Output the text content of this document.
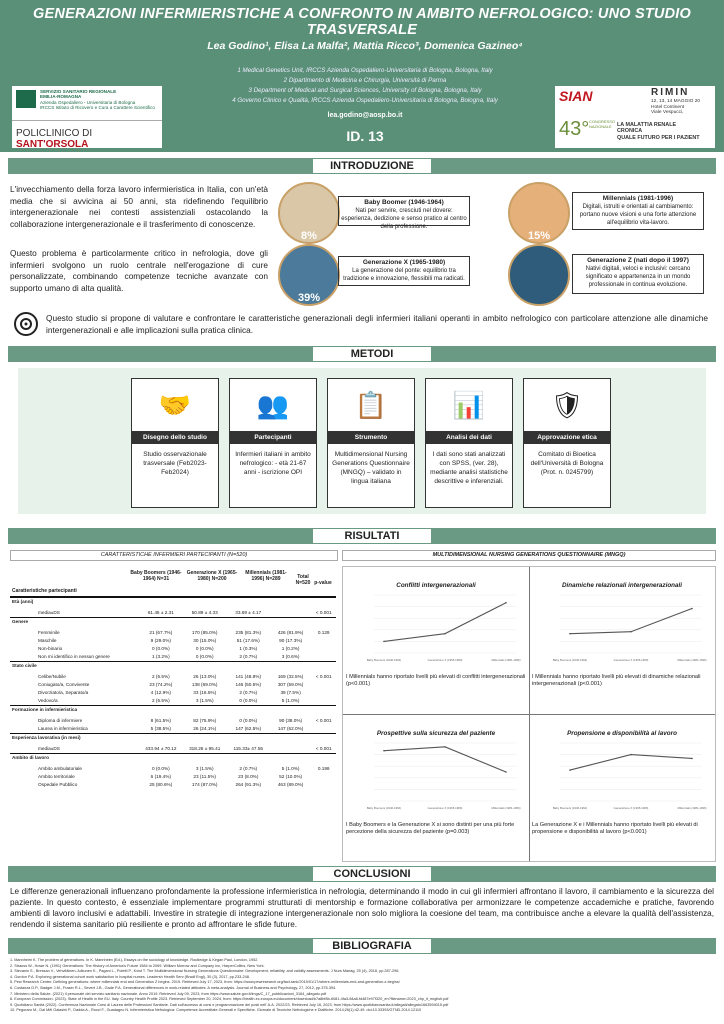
GENERAZIONI INFERMIERISTICHE A CONFRONTO IN AMBITO NEFROLOGICO: UNO STUDIO TRASVERSALE
Lea Godino¹, Elisa La Malfa², Mattia Ricco³, Domenica Gazineo⁴
1 Medical Genetics Unit, IRCCS Azienda Ospedaliero-Universitaria di Bologna, Bologna, Italy
2 Dipartimento di Medicina e Chirurgia, Università di Parma
3 Department of Medical and Surgical Sciences, University of Bologna, Bologna, Italy
4 Governo Clinico e Qualità, IRCCS Azienda Ospedaliero-Universitaria di Bologna, Bologna, Italy
lea.godino@aosp.bo.it
ID. 13
SERVIZIO SANITARIO REGIONALE
EMILIA-ROMAGNA
Azienda Ospedaliero - Universitaria di Bologna
IRCCS Istituto di Ricovero e Cura a Carattere Scientifico
POLICLINICO DI SANT'ORSOLA
SIAN	RIMIN
12, 13, 14 MAGGIO 20
Hotel Continent
Viale Vespucci,
43° CONGRESSO NAZIONALE LA MALATTIA RENALE
CRONICA
QUALE FUTURO PER I PAZIENT
INTRODUZIONE
L'invecchiamento della forza lavoro infermieristica in Italia, con un'età media che si avvicina ai 50 anni, sta ridefinendo l'equilibrio intergenerazionale nei contesti assistenziali ostacolando la collaborazione intergenerazionale e il trasferimento di conoscenze.
Questo problema è particolarmente critico in nefrologia, dove gli infermieri svolgono un ruolo centrale nell'erogazione di cure personalizzate, combinando competenze tecniche avanzate con supporto umano di alta qualità.
8%
Baby Boomer (1946-1964)
Nati per servire, cresciuti nel dovere: esperienza, dedizione e senso pratico al centro della professione.
15%
Millennials (1981-1996)
Digitali, istruiti e orientati al cambiamento: portano nuove visioni e una forte attenzione all'equilibrio vita-lavoro.
39%
Generazione X (1965-1980)
La generazione del ponte: equilibrio tra tradizione e innovazione, flessibili ma radicati.
Generazione Z (nati dopo il 1997)
Nativi digitali, veloci e inclusivi: cercano significato e appartenenza in un mondo professionale in continua evoluzione.
Questo studio si propone di valutare e confrontare le caratteristiche generazionali degli infermieri italiani operanti in ambito nefrologico con particolare attenzione alle dinamiche intergenerazionali e alle implicazioni sulla pratica clinica.
METODI
🤝
Disegno dello studio
Studio osservazionale trasversale (Feb2023-Feb2024)
👥
Partecipanti
Infermieri italiani in ambito nefrologico: - età 21-67 anni - iscrizione OPI
📋
Strumento
Multidimensional Nursing Generations Questionnaire (MNGQ) – validato in lingua italiana
📊
Analisi dei dati
I dati sono stati analizzati con SPSS, (ver. 28), mediante analisi statistiche descrittive e inferenziali.
🛡
Approvazione etica
Comitato di Bioetica dell'Università di Bologna (Prot. n. 0245799)
RISULTATI
CARATTERISTICHE INFERMIERI PARTECIPANTI (N=520)
Caratteristiche partecipanti
Baby Boomers (1946-1964) N=31
Generazione X (1965-1980) N=200
Millennials (1981-1996) N=289	Total N=520 p-value
Età (anni)					

media±DS	61.45 ± 2.31	50.89 ± 4.33	33.69 ± 4.17		< 0.001
Genere					

Femminile	21 (67.7%)	170 (85.0%)	235 (81.3%)	426 (81.9%)	0.129
Maschile	9 (29.0%)	30 (15.0%)	51 (17.6%)	90 (17.3%)	
Non-binario	0 (0.0%)	0 (0.0%)	1 (0.3%)	1 (0.2%)	
Non mi identifico in nessun genere	1 (3.2%)	0 (0.0%)	2 (0.7%)	3 (0.6%)	
Stato civile					

Celibe/Nubile	2 (6.5%)	26 (13.0%)	141 (48.8%)	169 (32.5%)	< 0.001
Coniugato/a, Convivente	23 (74.2%)	138 (69.0%)	146 (50.5%)	307 (59.0%)	
Divorziato/a, Separato/a	4 (12.9%)	33 (16.5%)	2 (0.7%)	39 (7.5%)	
Vedovo/a	2 (6.5%)	3 (1.5%)	0 (0.0%)	5 (1.0%)	
Formazione in infermieristica					

Diploma di infermiere	8 (61.5%)	82 (75.9%)	0 (0.0%)	90 (38.0%)	< 0.001
Laurea in infermieristica	5 (38.5%)	26 (24.1%)	147 (62.5%)	147 (62.0%)	
Esperienza lavorativa (in mesi)					

media±DS	433.94 ± 70.12	318.26 ± 95.41	115.33± 47.55		< 0.001
Ambito di lavoro					

Ambito ambulatoriale	0 (0.0%)	3 (1.5%)	2 (0.7%)	5 (1.0%)	0.199
Ambito territoriale	6 (19.4%)	23 (11.5%)	23 (8.0%)	52 (10.0%)	
Ospedale Pubblico	25 (80.6%)	174 (87.0%)	264 (91.3%)	463 (89.0%)	
MULTIDIMENSIONAL NURSING GENERATIONS QUESTIONNAIRE (MNGQ)
Conflitti intergenerazionali
Baby Boomers (1946-1964)	Generazione X (1965-1980)	Millennials (1981-1996)
I Millennials hanno riportato livelli più elevati di conflitti intergenerazionali (p<0.001)
Dinamiche relazionali intergenerazionali
Baby Boomers (1946-1964)	Generazione X (1965-1980)	Millennials (1981-1996)
I Millennials hanno riportato livelli più elevati di dinamiche relazionali intergenerazionali (p<0.001)
Prospettive sulla sicurezza del paziente
Baby Boomers (1946-1964)	Generazione X (1965-1980)	Millennials (1981-1996)
I Baby Boomers e la Generazione X si sono distinti per una più forte percezione della sicurezza del paziente (p=0.003)
Propensione e disponibilità al lavoro
Baby Boomers (1946-1964)	Generazione X (1965-1980)	Millennials (1981-1996)
La Generazione X e i Millennials hanno riportato livelli più elevati di propensione e disponibilità al lavoro (p<0.001)
CONCLUSIONI
Le differenze generazionali influenzano profondamente la professione infermieristica in nefrologia, determinando il modo in cui gli infermieri affrontano il lavoro, il cambiamento e la sicurezza del paziente. In questo contesto, è essenziale implementare programmi strutturati di mentorship e formazione collaborativa per armonizzare le competenze accademiche e pratiche, favorendo ambienti di lavoro inclusivi e adattabili. Investire in strategie di integrazione intergenerazionale non solo migliora la coesione del team, ma contribuisce anche a elevare la qualità dell'assistenza, rendendo il sistema sanitario più resiliente e pronto ad affrontare le sfide future.
BIBLIOGRAFIA
1. Mannheim K. The problem of generations. In K. Mannheim (Ed.), Essays on the sociology of knowledge. Routledge & Kegan Paul, London, 1952.
2. Strauss W., Howe N. (1991) Generations: The History of America's Future 1584 to 2069. William Morrow and Company Inc, HarperCollins, New York.
3. Stevanin S., Bressan V., Vehviläinen-Julkunen K., Pagani L., Poletti P., Kvist T. The Multidimensional Nursing Generations Questionnaire: Development, reliability, and validity assessments. J Nurs Manag, 25 (4), 2018, pp.287-296.
4. Gordon P.A. Exploring generational cohort work satisfaction in hospital nurses. Leadersh Health Serv (Bradf Engl), 30 (3), 2017, pp.233-248.
5. Pew Research Center. Defining generations: where millennials end and Generation Z begins. 2019. Retrieved July 17, 2023, from: https://www.pewresearch.org/fact-tank/2019/01/17/where-millennials-end-and-generation-z-begins/
6. Costanza D.P., Badger J.M., Fraser R.L., Severt J.B., Gade P.A. Generational differences in work-related attitudes: A meta-analysis. Journal of Business and Psychology, 27, 2012, pp.375-394.
7. Ministero della Salute. (2021) Il personale del servizio sanitario nazionale. Anno 2019. Retrieved July 09, 2023, from https://www.salute.gov.it/imgs/C_17_pubblicazioni_3164_allegato.pdf
8. European Commission. (2023). State of Health in the EU. Italy. Country Health Profile 2023. Retrieved September 20, 2024, from: https://health.ec.europa.eu/document/download/b7a8bf8b-6081-4fa3-84a8-fd487e97f320_en?filename=2023_chp_it_english.pdf
9. Quotidiano Sanità (2022). Conferenza Nazionale Corsi di Laurea delle Professioni Sanitarie. Dati sull'accesso ai corsi e programmazione dei posti nell' A.A. 2022/23. Retrieved July 16, 2023, from https://www.quotidianosanita.it/allegati/allegato1663594015.pdf
10. Pegoraro M., Dal Mêl Galasini P., Dadda A., Rocci F., Guadagno N. Infermieristica Nefrologica: Competenze Accreditate Generali e Specifiche. Giornale di Tecniche Nefrologiche e Dialitiche. 2014;26(1):42-49. doi:10.33393/GTND.2014.12110
